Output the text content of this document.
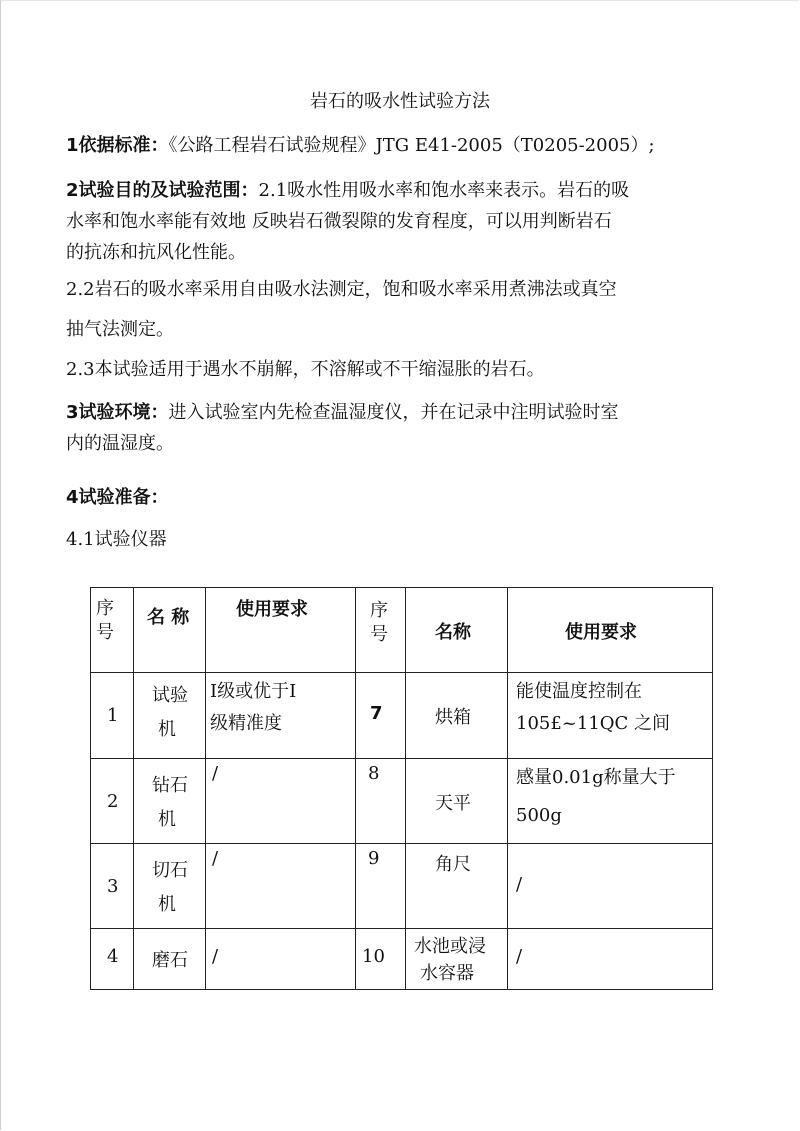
岩石的吸水性试验方法

1依据标准：《公路工程岩石试验规程》JTG E41-2005（T0205-2005）;

2试验目的及试验范围：2.1吸水性用吸水率和饱水率来表示。岩石的吸
水率和饱水率能有效地 反映岩石微裂隙的发育程度，可以用判断岩石
的抗冻和抗风化性能。
2.2岩石的吸水率采用自由吸水法测定，饱和吸水率采用煮沸法或真空
抽气法测定。
2.3本试验适用于遇水不崩解，不溶解或不干缩湿胀的岩石。
3试验环境：进入试验室内先检查温湿度仪，并在记录中注明试验时室
内的温湿度。
4试验准备：
4.1试验仪器
序
号	名 称	使用要求	序
号	名称	使用要求

1	试验
机	I级或优于I
级精准度	7	烘箱	能使温度控制在
105£~11QC 之间

2	钻石
机	/	8	天平	感量0.01g称量大于
500g

3	切石
机	/	9	角尺	/

4	磨石	/	10	水池或浸
水容器	/
